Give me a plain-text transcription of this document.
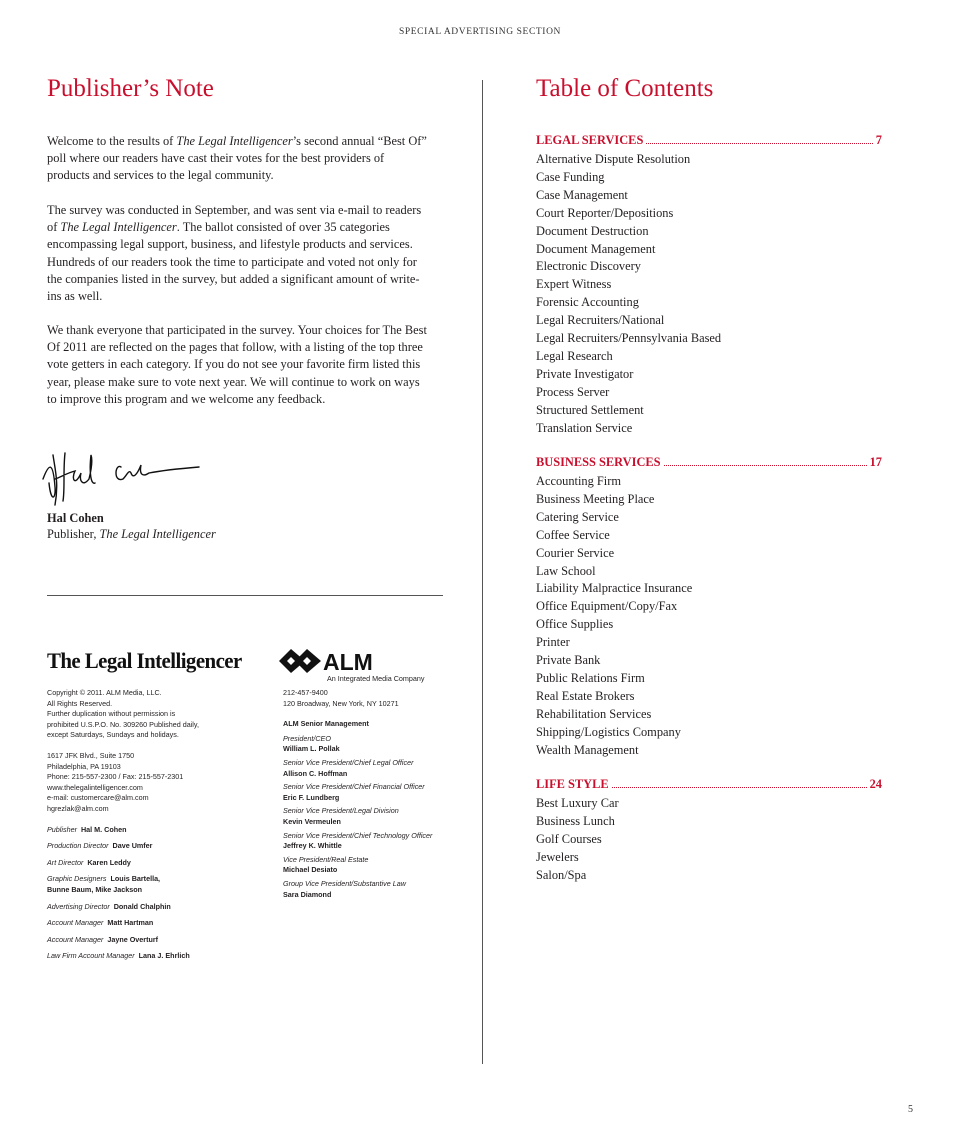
SPECIAL ADVERTISING SECTION
5
Publisher’s Note

Welcome to the results of The Legal Intelligencer’s second annual “Best Of” poll where our readers have cast their votes for the best providers of products and services to the legal community.

The survey was conducted in September, and was sent via e-mail to readers of The Legal Intelligencer. The ballot consisted of over 35 categories encompassing legal support, business, and lifestyle products and services. Hundreds of our readers took the time to participate and voted not only for the companies listed in the survey, but added a significant amount of write-ins as well.

We thank everyone that participated in the survey. Your choices for The Best Of 2011 are reflected on the pages that follow, with a listing of the top three vote getters in each category. If you do not see your favorite firm listed this year, please make sure to vote next year. We will continue to work on ways to improve this program and we welcome any feedback.

Hal Cohen
Publisher, The Legal Intelligencer
The Legal Intelligencer	ALM
An Integrated Media Company
Copyright © 2011. ALM Media, LLC.
All Rights Reserved.
Further duplication without permission is
prohibited U.S.P.O. No. 309260 Published daily,
except Saturdays, Sundays and holidays.
1617 JFK Blvd., Suite 1750
Philadelphia, PA 19103
Phone: 215-557-2300 / Fax: 215-557-2301
www.thelegalintelligencer.com
e-mail: customercare@alm.com
hgrezlak@alm.com
Publisher Hal M. Cohen
Production Director Dave Umfer
Art Director Karen Leddy
Graphic Designers Louis Bartella,
Bunne Baum, Mike Jackson
Advertising Director Donald Chalphin
Account Manager Matt Hartman
Account Manager Jayne Overturf
Law Firm Account Manager Lana J. Ehrlich
212-457-9400
120 Broadway, New York, NY 10271
ALM Senior Management
President/CEO
William L. Pollak
Senior Vice President/Chief Legal Officer
Allison C. Hoffman
Senior Vice President/Chief Financial Officer
Eric F. Lundberg
Senior Vice President/Legal Division
Kevin Vermeulen
Senior Vice President/Chief Technology Officer
Jeffrey K. Whittle
Vice President/Real Estate
Michael Desiato
Group Vice President/Substantive Law
Sara Diamond
Table of Contents
LEGAL SERVICES	7
Alternative Dispute Resolution
Case Funding
Case Management
Court Reporter/Depositions
Document Destruction
Document Management
Electronic Discovery
Expert Witness
Forensic Accounting
Legal Recruiters/National
Legal Recruiters/Pennsylvania Based
Legal Research
Private Investigator
Process Server
Structured Settlement
Translation Service
BUSINESS SERVICES	17
Accounting Firm
Business Meeting Place
Catering Service
Coffee Service
Courier Service
Law School
Liability Malpractice Insurance
Office Equipment/Copy/Fax
Office Supplies
Printer
Private Bank
Public Relations Firm
Real Estate Brokers
Rehabilitation Services
Shipping/Logistics Company
Wealth Management
LIFE STYLE	24
Best Luxury Car
Business Lunch
Golf Courses
Jewelers
Salon/Spa
